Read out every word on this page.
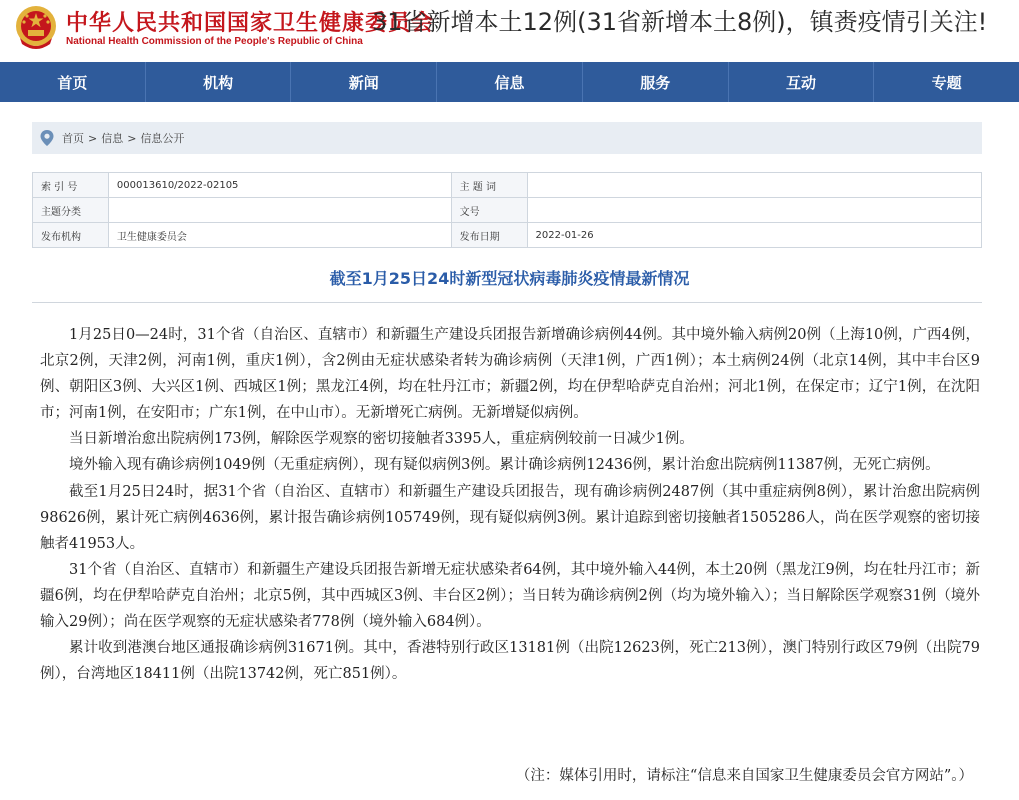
中华人民共和国国家卫生健康委员会
National Health Commission of the People's Republic of China
31省新增本土12例(31省新增本土8例)，镇赉疫情引关注!
首页	机构	新闻	信息	服务	互动	专题
首页 > 信息 > 信息公开
索 引 号	000013610/2022-02105	主 题 词	
主题分类		文号	
发布机构	卫生健康委员会	发布日期	2022-01-26
截至1月25日24时新型冠状病毒肺炎疫情最新情况

1月25日0—24时，31个省（自治区、直辖市）和新疆生产建设兵团报告新增确诊病例44例。其中境外输入病例20例（上海10例，广西4例，北京2例，天津2例，河南1例，重庆1例），含2例由无症状感染者转为确诊病例（天津1例，广西1例）；本土病例24例（北京14例，其中丰台区9例、朝阳区3例、大兴区1例、西城区1例；黑龙江4例，均在牡丹江市；新疆2例，均在伊犁哈萨克自治州；河北1例，在保定市；辽宁1例，在沈阳市；河南1例，在安阳市；广东1例，在中山市）。无新增死亡病例。无新增疑似病例。

当日新增治愈出院病例173例，解除医学观察的密切接触者3395人，重症病例较前一日减少1例。

境外输入现有确诊病例1049例（无重症病例），现有疑似病例3例。累计确诊病例12436例，累计治愈出院病例11387例，无死亡病例。

截至1月25日24时，据31个省（自治区、直辖市）和新疆生产建设兵团报告，现有确诊病例2487例（其中重症病例8例），累计治愈出院病例98626例，累计死亡病例4636例，累计报告确诊病例105749例，现有疑似病例3例。累计追踪到密切接触者1505286人，尚在医学观察的密切接触者41953人。

31个省（自治区、直辖市）和新疆生产建设兵团报告新增无症状感染者64例，其中境外输入44例，本土20例（黑龙江9例，均在牡丹江市；新疆6例，均在伊犁哈萨克自治州；北京5例，其中西城区3例、丰台区2例）；当日转为确诊病例2例（均为境外输入）；当日解除医学观察31例（境外输入29例）；尚在医学观察的无症状感染者778例（境外输入684例）。

累计收到港澳台地区通报确诊病例31671例。其中，香港特别行政区13181例（出院12623例，死亡213例），澳门特别行政区79例（出院79例），台湾地区18411例（出院13742例，死亡851例）。

（注：媒体引用时，请标注“信息来自国家卫生健康委员会官方网站”。）
